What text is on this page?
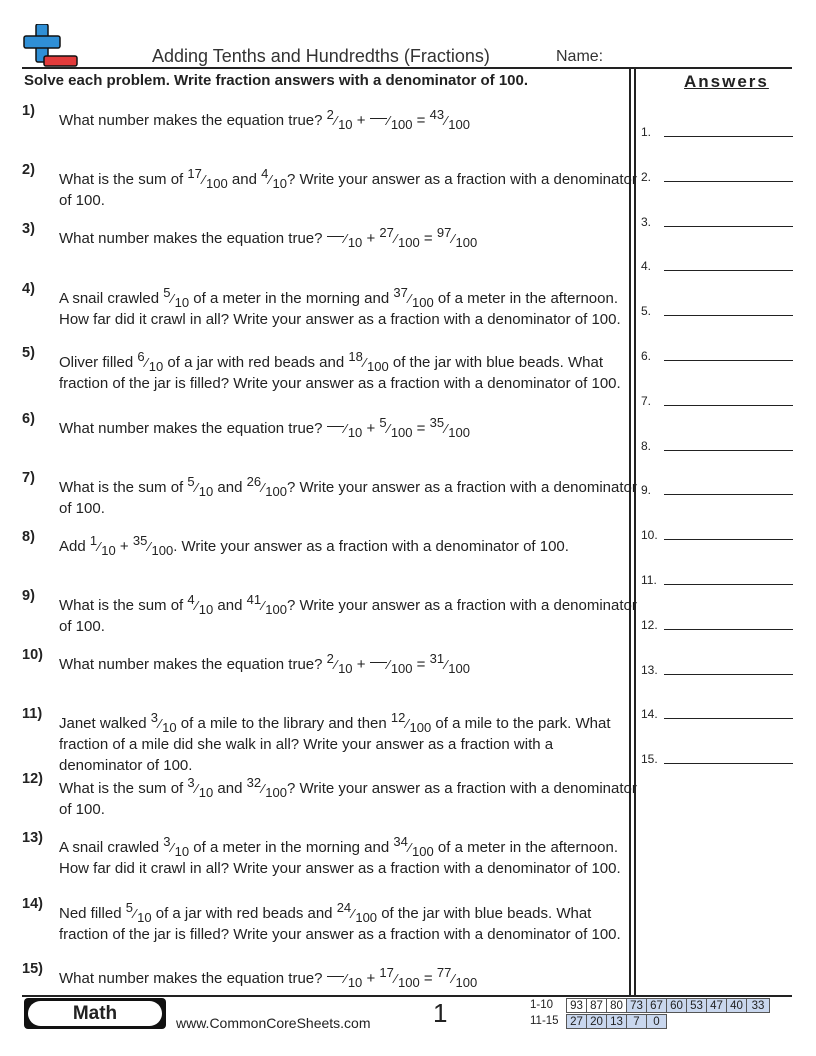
Adding Tenths and Hundredths (Fractions)	Name:
Solve each problem. Write fraction answers with a denominator of 100.	Answers
1.
2.
3.
4.
5.
6.
7.
8.
9.
10.
11.
12.
13.
14.
15.
1)
What number makes the equation true? $^2⁄_{10}$ + $⁄_{100}$ = $^{43}⁄_{100}$
2)
What is the sum of $^{17}⁄_{100}$ and $^4⁄_{10}$? Write your answer as a fraction with a denominator of 100.
3)
What number makes the equation true? $⁄_{10}$ + $^{27}⁄_{100}$ = $^{97}⁄_{100}$
4)
A snail crawled $^5⁄_{10}$ of a meter in the morning and $^{37}⁄_{100}$ of a meter in the afternoon. How far did it crawl in all? Write your answer as a fraction with a denominator of 100.
5)
Oliver filled $^6⁄_{10}$ of a jar with red beads and $^{18}⁄_{100}$ of the jar with blue beads. What fraction of the jar is filled? Write your answer as a fraction with a denominator of 100.
6)
What number makes the equation true? $⁄_{10}$ + $^5⁄_{100}$ = $^{35}⁄_{100}$
7)
What is the sum of $^5⁄_{10}$ and $^{26}⁄_{100}$? Write your answer as a fraction with a denominator of 100.
8)
Add $^1⁄_{10}$ + $^{35}⁄_{100}$. Write your answer as a fraction with a denominator of 100.
9)
What is the sum of $^4⁄_{10}$ and $^{41}⁄_{100}$? Write your answer as a fraction with a denominator of 100.
10)
What number makes the equation true? $^2⁄_{10}$ + $⁄_{100}$ = $^{31}⁄_{100}$
11)
Janet walked $^3⁄_{10}$ of a mile to the library and then $^{12}⁄_{100}$ of a mile to the park. What fraction of a mile did she walk in all? Write your answer as a fraction with a denominator of 100.
12)
What is the sum of $^3⁄_{10}$ and $^{32}⁄_{100}$? Write your answer as a fraction with a denominator of 100.
13)
A snail crawled $^3⁄_{10}$ of a meter in the morning and $^{34}⁄_{100}$ of a meter in the afternoon. How far did it crawl in all? Write your answer as a fraction with a denominator of 100.
14)
Ned filled $^5⁄_{10}$ of a jar with red beads and $^{24}⁄_{100}$ of the jar with blue beads. What fraction of the jar is filled? Write your answer as a fraction with a denominator of 100.
15)
What number makes the equation true? $⁄_{10}$ + $^{17}⁄_{100}$ = $^{77}⁄_{100}$
Math	www.CommonCoreSheets.com 1	1-10	93 87 80 73 67 60 53 47 40 33
11-15	27 20 13 7	0
